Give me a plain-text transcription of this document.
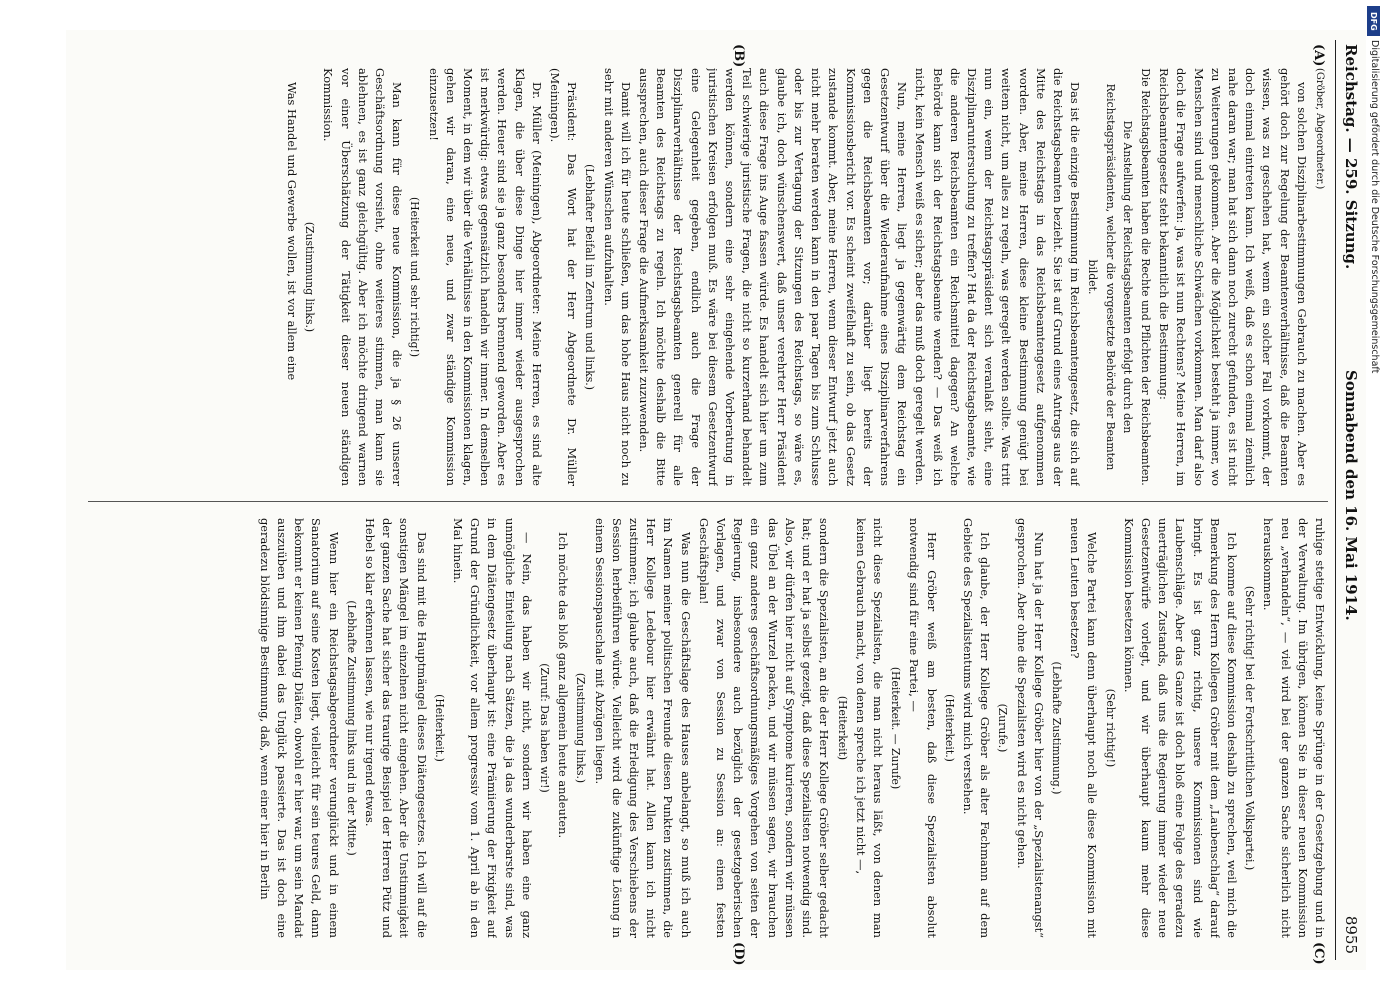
Reichstag. — 259. Sitzung.
Sonnabend den 16. Mai 1914.
8955
(A)
(B)
(C)
(D)

(Gröber, Abgeordneter.)

von solchen Disziplinarbestimmungen Gebrauch zu machen. Aber es gehört doch zur Regelung der Beamtenverhältnisse, daß die Beamten wissen, was zu geschehen hat, wenn ein solcher Fall vorkommt, der doch einmal eintreten kann. Ich weiß, daß es schon einmal ziemlich nahe daran war; man hat sich dann noch zurecht gefunden, es ist nicht zu Weiterungen gekommen. Aber die Möglichkeit besteht ja immer, wo Menschen sind und menschliche Schwächen vorkommen. Man darf also doch die Frage aufwerfen: ja, was ist nun Rechtens? Meine Herren, im Reichsbeamtengesetz steht bekanntlich die Bestimmung:

Die Reichstagsbeamten haben die Rechte und Pflichten der Reichsbeamten.

Die Anstellung der Reichstagsbeamten erfolgt durch den Reichstagspräsidenten, welcher die vorgesetzte Behörde der Beamten bildet.

Das ist die einzige Bestimmung im Reichsbeamtengesetz, die sich auf die Reichstagsbeamten bezieht. Sie ist auf Grund eines Antrags aus der Mitte des Reichstags in das Reichsbeamtengesetz aufgenommen worden. Aber, meine Herren, diese kleine Bestimmung genügt bei weitem nicht, um alles zu regeln, was geregelt werden sollte. Was tritt nun ein, wenn der Reichstagspräsident sich veranlaßt sieht, eine Disziplinaruntersuchung zu treffen? Hat da der Reichstagsbeamte, wie die anderen Reichsbeamten ein Reichsmittel dagegen? An welche Behörde kann sich der Reichstagsbeamte wenden? — Das weiß ich nicht, kein Mensch weiß es sicher; aber das muß doch geregelt werden.

Nun, meine Herren, liegt ja gegenwärtig dem Reichstag ein Gesetzentwurf über die Wiederaufnahme eines Disziplinarverfahrens gegen die Reichsbeamten vor; darüber liegt bereits der Kommissionsbericht vor. Es scheint zweifelhaft zu sein, ob das Gesetz zustande kommt. Aber, meine Herren, wenn dieser Entwurf jetzt auch nicht mehr beraten werden kann in den paar Tagen bis zum Schlusse oder bis zur Vertagung der Sitzungen des Reichstags, so wäre es, glaube ich, doch wünschenswert, daß unser verehrter Herr Präsident auch diese Frage ins Auge fassen würde. Es handelt sich hier um zum Teil schwierige juristische Fragen, die nicht so kurzerhand behandelt werden können, sondern eine sehr eingehende Vorberatung in juristischen Kreisen erfolgen muß. Es wäre bei diesem Gesetzentwurf eine Gelegenheit gegeben, endlich auch die Frage der Disziplinarverhältnisse der Reichstagsbeamten generell für alle Beamten des Reichstags zu regeln. Ich möchte deshalb die Bitte aussprechen, auch dieser Frage die Aufmerksamkeit zuzuwenden.

Damit will ich für heute schließen, um das hohe Haus nicht noch zu sehr mit anderen Wünschen aufzuhalten.

(Lebhafter Beifall im Zentrum und links.)

Präsident: Das Wort hat der Herr Abgeordnete Dr. Müller (Meiningen).

Dr. Müller (Meiningen), Abgeordneter: Meine Herren, es sind alte Klagen, die über diese Dinge hier immer wieder ausgesprochen werden. Heuer sind sie ja ganz besonders brennend geworden. Aber es ist merkwürdig: etwas gegensätzlich handeln wir immer. In demselben Moment, in dem wir über die Verhältnisse in den Kommissionen klagen, gehen wir daran, eine neue, und zwar ständige Kommission einzusetzen!

(Heiterkeit und sehr richtig!)

Man kann für diese neue Kommission, die ja § 26 unserer Geschäftsordnung vorsieht, ohne weiteres stimmen, man kann sie ablehnen, es ist ganz gleichgültig. Aber ich möchte dringend warnen vor einer Überschätzung der Tätigkeit dieser neuen ständigen Kommission.

(Zustimmung links.)

Was Handel und Gewerbe wollen, ist vor allem eine

ruhige stetige Entwicklung, keine Sprünge in der Gesetzgebung und in der Verwaltung. Im übrigen, können Sie in dieser neuen Kommission neu „verhandeln“, — viel wird bei der ganzen Sache sicherlich nicht herauskommen.

(Sehr richtig! bei der Fortschrittlichen Volkspartei.)

Ich komme auf diese Kommission deshalb zu sprechen, weil mich die Bemerkung des Herrn Kollegen Gröber mit dem „Laubenschlag“ darauf bringt. Es ist ganz richtig, unsere Kommissionen sind wie Laubenschläge. Aber das Ganze ist doch bloß eine Folge des geradezu unerträglichen Zustands, daß uns die Regierung immer wieder neue Gesetzentwürfe vorlegt, und wir überhaupt kaum mehr diese Kommission besetzen können.

(Sehr richtig!)

Welche Partei kann denn überhaupt noch alle diese Kommission mit neuen Leuten besetzen?

(Lebhafte Zustimmung.)

Nun hat ja der Herr Kollege Gröber hier von der „Spezialistenangst“ gesprochen. Aber ohne die Spezialisten wird es nicht gehen.

(Zurufe.)

Ich glaube, der Herr Kollege Gröber als alter Fachmann auf dem Gebiete des Spezialistentums wird mich verstehen.

(Heiterkeit.)

Herr Gröber weiß am besten, daß diese Spezialisten absolut notwendig sind für eine Partei, —

(Heiterkeit. — Zurufe)

nicht diese Spezialisten, die man nicht heraus läßt, von denen man keinen Gebrauch macht, von denen spreche ich jetzt nicht —,

(Heiterkeit)

sondern die Spezialisten, an die der Herr Kollege Gröber selber gedacht hat; und er hat ja selbst gezeigt, daß diese Spezialisten notwendig sind. Also, wir dürfen hier nicht auf Symptome kurieren, sondern wir müssen das Übel an der Wurzel packen, und wir müssen sagen, wir brauchen ein ganz anderes geschäftsordnungsmäßiges Vorgehen von seiten der Regierung, insbesondere auch bezüglich der gesetzgeberischen Vorlagen, und zwar von Session zu Session an: einen festen Geschäftsplan!

Was nun die Geschäftslage des Hauses anbelangt, so muß ich auch im Namen meiner politischen Freunde diesen Punkten zustimmen, die Herr Kollege Ledebour hier erwähnt hat. Allen kann ich nicht zustimmen; ich glaube auch, daß die Erledigung des Verschiebens der Session herbeiführen würde. Vielleicht wird die zukünftige Lösung in einem Sessionspauschale mit Abzügen liegen.

(Zustimmung links.)

Ich möchte das bloß ganz allgemein heute andeuten.

(Zuruf: Das haben wir!)

— Nein, das haben wir nicht, sondern wir haben eine ganz unmögliche Einteilung nach Sätzen, die ja das wunderbarste sind, was in dem Diätengesetz überhaupt ist: eine Prämiierung der Fixigkeit auf Grund der Gründlichkeit, vor allem progressiv vom 1. April ab in den Mai hinein.

(Heiterkeit.)

Das sind mit die Hauptmängel dieses Diätengesetzes. Ich will auf die sonstigen Mängel im einzelnen nicht eingehen. Aber die Unstimmigkeit der ganzen Sache hat sicher das traurige Beispiel der Herren Pütz und Hebel so klar erkennen lassen, wie nur irgend etwas.

(Lebhafte Zustimmung links und in der Mitte.)

Wenn hier ein Reichstagsabgeordneter verunglückt und in einem Sanatorium auf seine Kosten liegt, vielleicht für sein teures Geld, dann bekommt er keinen Pfennig Diäten, obwohl er hier war, um sein Mandat auszuüben und ihm dabei das Unglück passierte. Das ist doch eine geradezu blödsinnige Bestimmung, daß, wenn einer hier in Berlin

DFG
Digitalisierung gefördert durch die Deutsche Forschungsgemeinschaft
